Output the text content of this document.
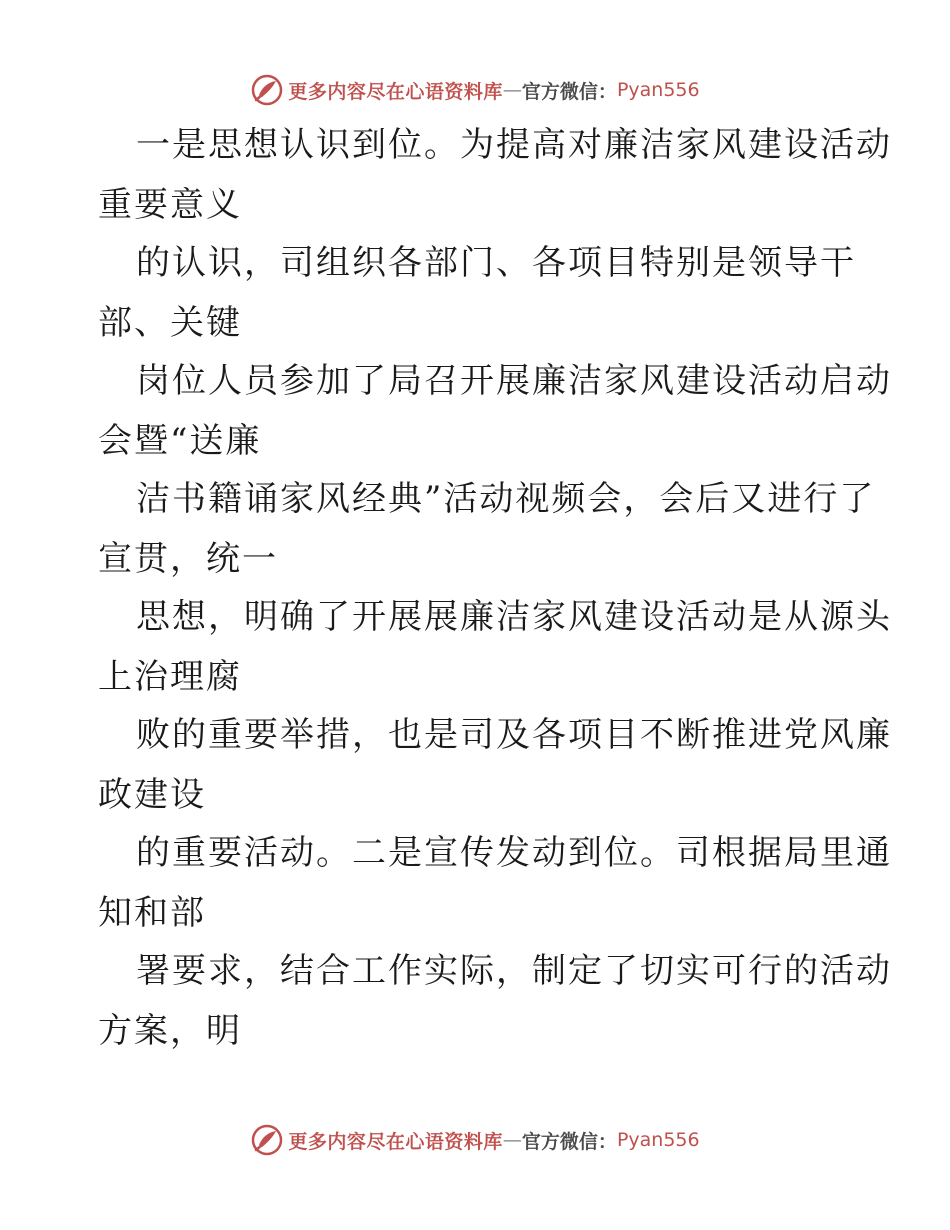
更多内容尽在心语资料库 — 官方微信： Pyan556
一是思想认识到位。为提高对廉洁家风建设活动
重要意义
的认识，司组织各部门、各项目特别是领导干
部、关键
岗位人员参加了局召开展廉洁家风建设活动启动
会暨“送廉
洁书籍诵家风经典”活动视频会，会后又进行了
宣贯，统一
思想，明确了开展展廉洁家风建设活动是从源头
上治理腐
败的重要举措，也是司及各项目不断推进党风廉
政建设
的重要活动。二是宣传发动到位。司根据局里通
知和部
署要求，结合工作实际，制定了切实可行的活动
方案，明
更多内容尽在心语资料库 — 官方微信： Pyan556
